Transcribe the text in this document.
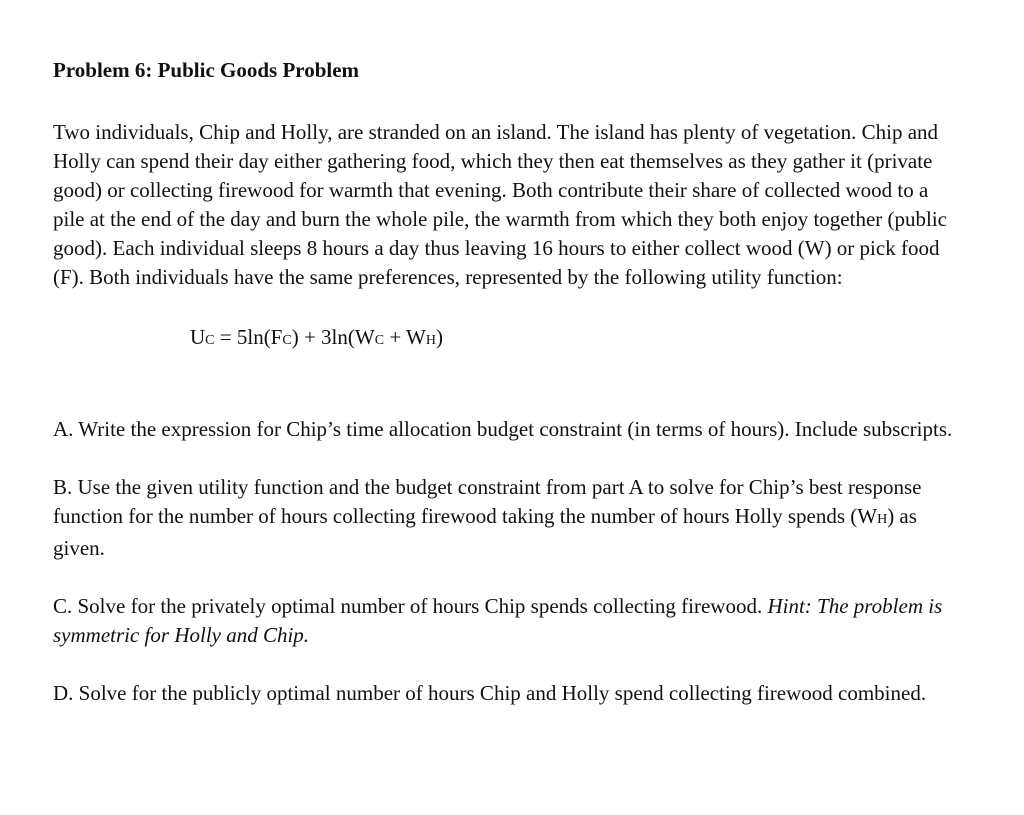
Problem 6: Public Goods Problem

Two individuals, Chip and Holly, are stranded on an island. The island has plenty of vegetation. Chip and Holly can spend their day either gathering food, which they then eat themselves as they gather it (private good) or collecting firewood for warmth that evening. Both contribute their share of collected wood to a pile at the end of the day and burn the whole pile, the warmth from which they both enjoy together (public good). Each individual sleeps 8 hours a day thus leaving 16 hours to either collect wood (W) or pick food (F). Both individuals have the same preferences, represented by the following utility function:

UC = 5ln(FC) + 3ln(WC + WH)

A. Write the expression for Chip’s time allocation budget constraint (in terms of hours). Include subscripts.

B. Use the given utility function and the budget constraint from part A to solve for Chip’s best response function for the number of hours collecting firewood taking the number of hours Holly spends (WH) as given.

C. Solve for the privately optimal number of hours Chip spends collecting firewood. Hint: The problem is symmetric for Holly and Chip.

D. Solve for the publicly optimal number of hours Chip and Holly spend collecting firewood combined.
